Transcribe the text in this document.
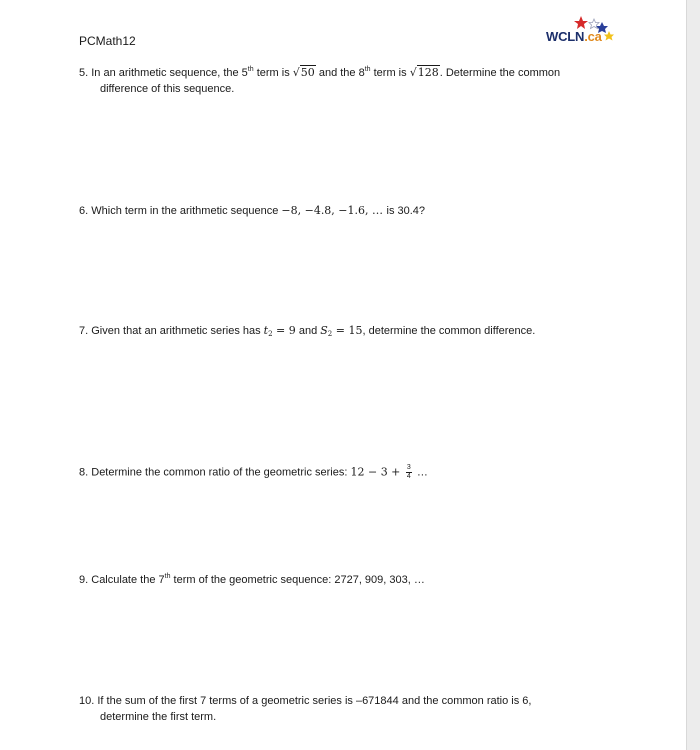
PCMath12	WCLN.ca
5. In an arithmetic sequence, the 5th term is √50 and the 8th term is √128. Determine the common
difference of this sequence.
6. Which term in the arithmetic sequence −8, −4.8, −1.6, … is 30.4?
7. Given that an arithmetic series has $t_2 = 9$ and $S_2 = 15$, determine the common difference.
8. Determine the common ratio of the geometric series: $12 - 3 + \frac{3}{4}$ …
9. Calculate the 7th term of the geometric sequence: 2727, 909, 303, …
10. If the sum of the first 7 terms of a geometric series is –671844 and the common ratio is 6,
determine the first term.
